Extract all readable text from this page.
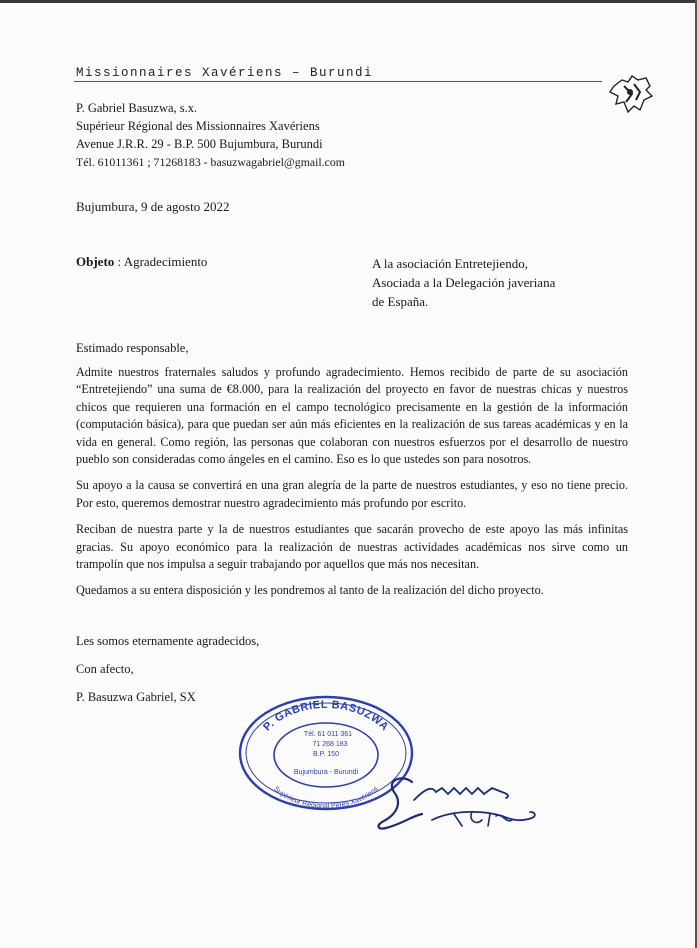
Missionnaires Xavériens – Burundi
P. Gabriel Basuzwa, s.x.
Supérieur Régional des Missionnaires Xavériens
Avenue J.R.R. 29 - B.P. 500 Bujumbura, Burundi
Tél. 61011361 ; 71268183 - basuzwagabriel@gmail.com
Bujumbura, 9 de agosto 2022
Objeto : Agradecimiento	A la asociación Entretejiendo,
Asociada a la Delegación javeriana
de España.
Estimado responsable,

Admite nuestros fraternales saludos y profundo agradecimiento. Hemos recibido de parte de su asociación “Entretejiendo” una suma de €8.000, para la realización del proyecto en favor de nuestras chicas y nuestros chicos que requieren una formación en el campo tecnológico precisamente en la gestión de la información (computación básica), para que puedan ser aún más eficientes en la realización de sus tareas académicas y en la vida en general. Como región, las personas que colaboran con nuestros esfuerzos por el desarrollo de nuestro pueblo son consideradas como ángeles en el camino. Eso es lo que ustedes son para nosotros.

Su apoyo a la causa se convertirá en una gran alegría de la parte de nuestros estudiantes, y eso no tiene precio. Por esto, queremos demostrar nuestro agradecimiento más profundo por escrito.

Reciban de nuestra parte y la de nuestros estudiantes que sacarán provecho de este apoyo las más infinitas gracias. Su apoyo económico para la realización de nuestras actividades académicas nos sirve como un trampolín que nos impulsa a seguir trabajando por aquellos que más nos necesitan.

Quedamos a su entera disposición y les pondremos al tanto de la realización del dicho proyecto.

Les somos eternamente agradecidos,
Con afecto,
P. Basuzwa Gabriel, SX
P. GABRIEL BASUZWA
Supérieur Régional Pères Xavériens
Tél. 61 011 361
71 268 183
B.P. 150
Bujumbura - Burundi
